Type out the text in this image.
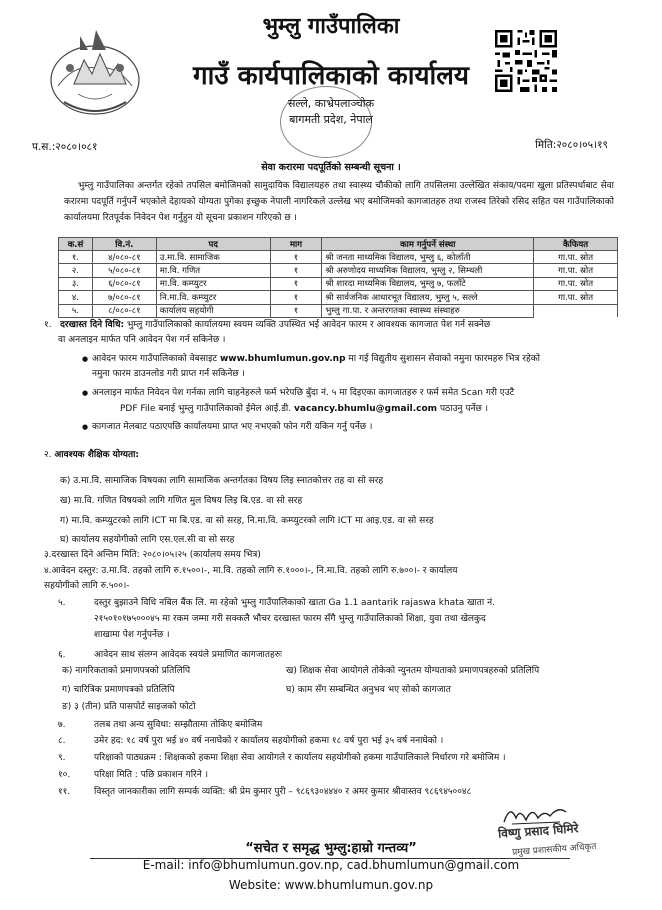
भुम्लु गाउँपालिका
गाउँ कार्यपालिकाको कार्यालय
सल्ले, काभ्रेपलाञ्चोक
बागमती प्रदेश, नेपाल
प.स.:२०८०।०८१	मिति:२०८०।०५।१९
सेवा करारमा पदपूर्तिको सम्बन्धी सूचना ।
भुम्लु गाउँपालिका अन्तर्गत रहेको तपसिल बमोजिमको सामुदायिक विद्यालयहरु तथा स्वास्थ्य चौकीको लागि तपसिलमा उल्लेखित संकाय/पदमा खुला प्रतिस्पर्धाबाट सेवा करारमा पदपूर्ति गर्नुपर्ने भएकोले देहायको योग्यता पुगेका इच्छुक नेपाली नागरिकले उल्लेख भए बमोजिमको कागजातहरु तथा राजस्व तिरेको रसिद सहित यस गाउँपालिकाको कार्यालयमा रितपूर्वक निवेदन पेश गर्नुहुन यो सूचना प्रकाशन गरिएको छ ।
क.सं	वि.नं.	पद	माग	काम गर्नुपर्ने संस्था	कैफियत
१.	४/०८०-८१	उ.मा.वि. सामाजिक	१	श्री जनता माध्यमिक विद्यालय, भुम्लु ६, कोलाँती	गा.पा. स्रोत
२.	५/०८०-८१	मा.वि. गणित	१	श्री अरुणोदय माध्यमिक विद्यालय, भुम्लु २, सिम्थली	गा.पा. स्रोत
३.	६/०८०-८१	मा.वि. कम्प्युटर	१	श्री शारदा माध्यमिक विद्यालय, भुम्लु ७, फलाँटे	गा.पा. स्रोत
४.	७/०८०-८१	नि.मा.वि. कम्प्युटर	१	श्री सार्वजनिक आधारभूत विद्यालय, भुम्लु ५, सल्ले	गा.पा. स्रोत
५.	८/०८०-८१	कार्यालय सहयोगी	१	भुम्लु गा.पा. र अन्तरगतका स्वास्थ्य संस्थाहरु	
१. दरखास्त दिने विधि: भुम्लु गाउँपालिकाको कार्यालयमा स्वयम व्यक्ति उपस्थित भई आवेदन फारम र आवश्यक कागजात पेश गर्न सक्नेछ
वा अनलाइन मार्फत पनि आवेदन पेश गर्न सकिनेछ ।
● आवेदन फारम गाउँपालिकाको वेबसाइट www.bhumlumun.gov.np मा गई विद्युतीय सुशासन सेवाको नमुना फारमहरु भित्र रहेको
नमुना फारम डाउनलोड गरी प्राप्त गर्न सकिनेछ ।
● अनलाइन मार्फत निवेदन पेश गर्नका लागि चाहनेहरुले फर्म भरेपछि बुँदा नं. ५ मा दिइएका कागजातहरु र फर्म समेत Scan गरी एउटै
PDF File बनाई भुम्लु गाउँपालिकाको ईमेल आई.डी. vacancy.bhumlu@gmail.com पठाउनु पर्नेछ ।
● कागजात मेलबाट पठाएपछि कार्यालयमा प्राप्त भए नभएको फोन गरी यकिन गर्नु पर्नेछ ।
२. आवश्यक शैक्षिक योग्यता:
क) उ.मा.वि. सामाजिक विषयका लागि सामाजिक अन्तर्गतका विषय लिइ स्नातकोत्तर तह वा सो सरह
ख) मा.वि. गणित विषयको लागि गणित मुल विषय लिइ बि.एड. वा सो सरह
ग) मा.वि. कम्प्युटरको लागि ICT मा बि.एड. वा सो सरह, नि.मा.वि. कम्प्युटरको लागि ICT मा आइ.एड. वा सो सरह
घ) कार्यालय सहयोगीको लागि एस.एल.सी वा सो सरह
३.दरखास्त दिने अन्तिम मिति: २०८०।०५।२५ (कार्यालय समय भित्र)
४.आवेदन दस्तुर: उ.मा.वि. तहको लागि रु.१५००।-, मा.वि. तहको लागि रु.१०००।-, नि.मा.वि. तहको लागि रु.७००।- र कार्यालय
सहयोगीको लागि रु.५००।-
५.	दस्तुर बुझाउने विधि नबिल बैंक लि. मा रहेको भुम्लु गाउँपालिकाको खाता Ga 1.1 aantarik rajaswa khata खाता नं.
२१५०१०१७५०००४५ मा रकम जम्मा गरी सक्कलै भौचर दरखास्त फारम सँगै भुम्लु गाउँपालिकाको शिक्षा, युवा तथा खेलकुद
शाखामा पेश गर्नुपर्नेछ ।
६.	आवेदन साथ संलग्न आवेदक स्वयंले प्रमाणित कागजातहरुः
क) नागरिकताको प्रमाणपत्रको प्रतिलिपि	ख) शिक्षक सेवा आयोगले तोकेको न्युनतम योग्यताको प्रमाणपत्रहरुको प्रतिलिपि
ग) चारित्रिक प्रमाणपत्रको प्रतिलिपि	घ) काम सँग सम्बन्धित अनुभव भए सोको कागजात
ङ) ३ (तीन) प्रति पासपोर्ट साइजको फोटो
७.	तलब तथा अन्य सुविधा: सम्झौतामा तोकिए बमोजिम
८.	उमेर हद: १८ वर्ष पुरा भई ४० वर्ष ननाघेको र कार्यालय सहयोगीको हकमा १८ वर्ष पुरा भई ३५ वर्ष ननाघेको ।
९.	परिक्षाको पाठ्यक्रम : शिक्षकको हकमा शिक्षा सेवा आयोगले र कार्यालय सहयोगीको हकमा गाउँपालिकाले निर्धारण गरे बमोजिम ।
१०.	परिक्षा मिति : पछि प्रकाशन गरिने ।
११.	विस्तृत जानकारीका लागि सम्पर्क व्यक्ति: श्री प्रेम कुमार पुरी – ९८६९३०४४४० र अमर कुमार श्रीवास्तव ९८६९४५००४८
विष्णु प्रसाद घिमिरे
प्रमुख प्रशासकीय अधिकृत
“सचेत र समृद्ध भुम्लु:हाम्रो गन्तव्य”
E-mail: info@bhumlumun.gov.np, cad.bhumlumun@gmail.com
Website: www.bhumlumun.gov.np
